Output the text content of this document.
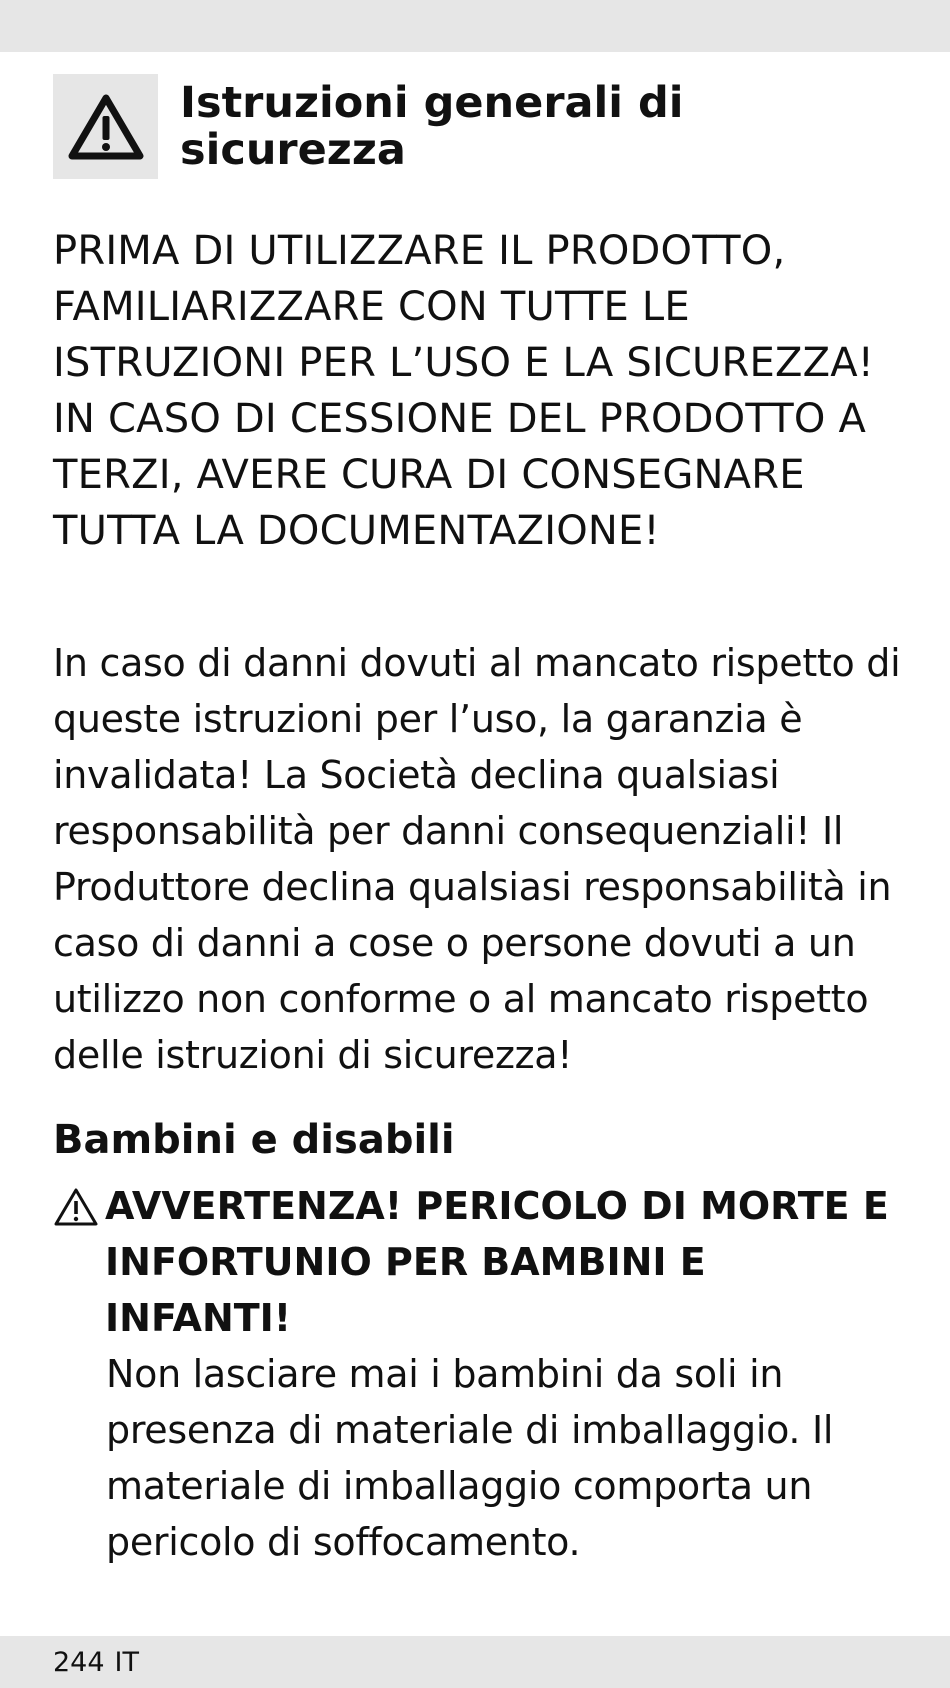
Istruzioni generali di sicurezza
PRIMA DI UTILIZZARE IL PRODOTTO, FAMILIARIZZARE CON TUTTE LE ISTRUZIONI PER L’USO E LA SICUREZZA! IN CASO DI CESSIONE DEL PRODOTTO A TERZI, AVERE CURA DI CONSEGNARE TUTTA LA DOCUMENTAZIONE!
In caso di danni dovuti al mancato rispetto di queste istruzioni per l’uso, la garanzia è invalidata! La Società declina qualsiasi responsabilità per danni consequenziali! Il Produttore declina qualsiasi responsabilità in caso di danni a cose o persone dovuti a un utilizzo non conforme o al mancato rispetto delle istruzioni di sicurezza!
Bambini e disabili
AVVERTENZA! PERICOLO DI MORTE E INFORTUNIO PER BAMBINI E INFANTI!
Non lasciare mai i bambini da soli in presenza di materiale di imballaggio. Il materiale di imballaggio comporta un pericolo di soffocamento.
244 IT
